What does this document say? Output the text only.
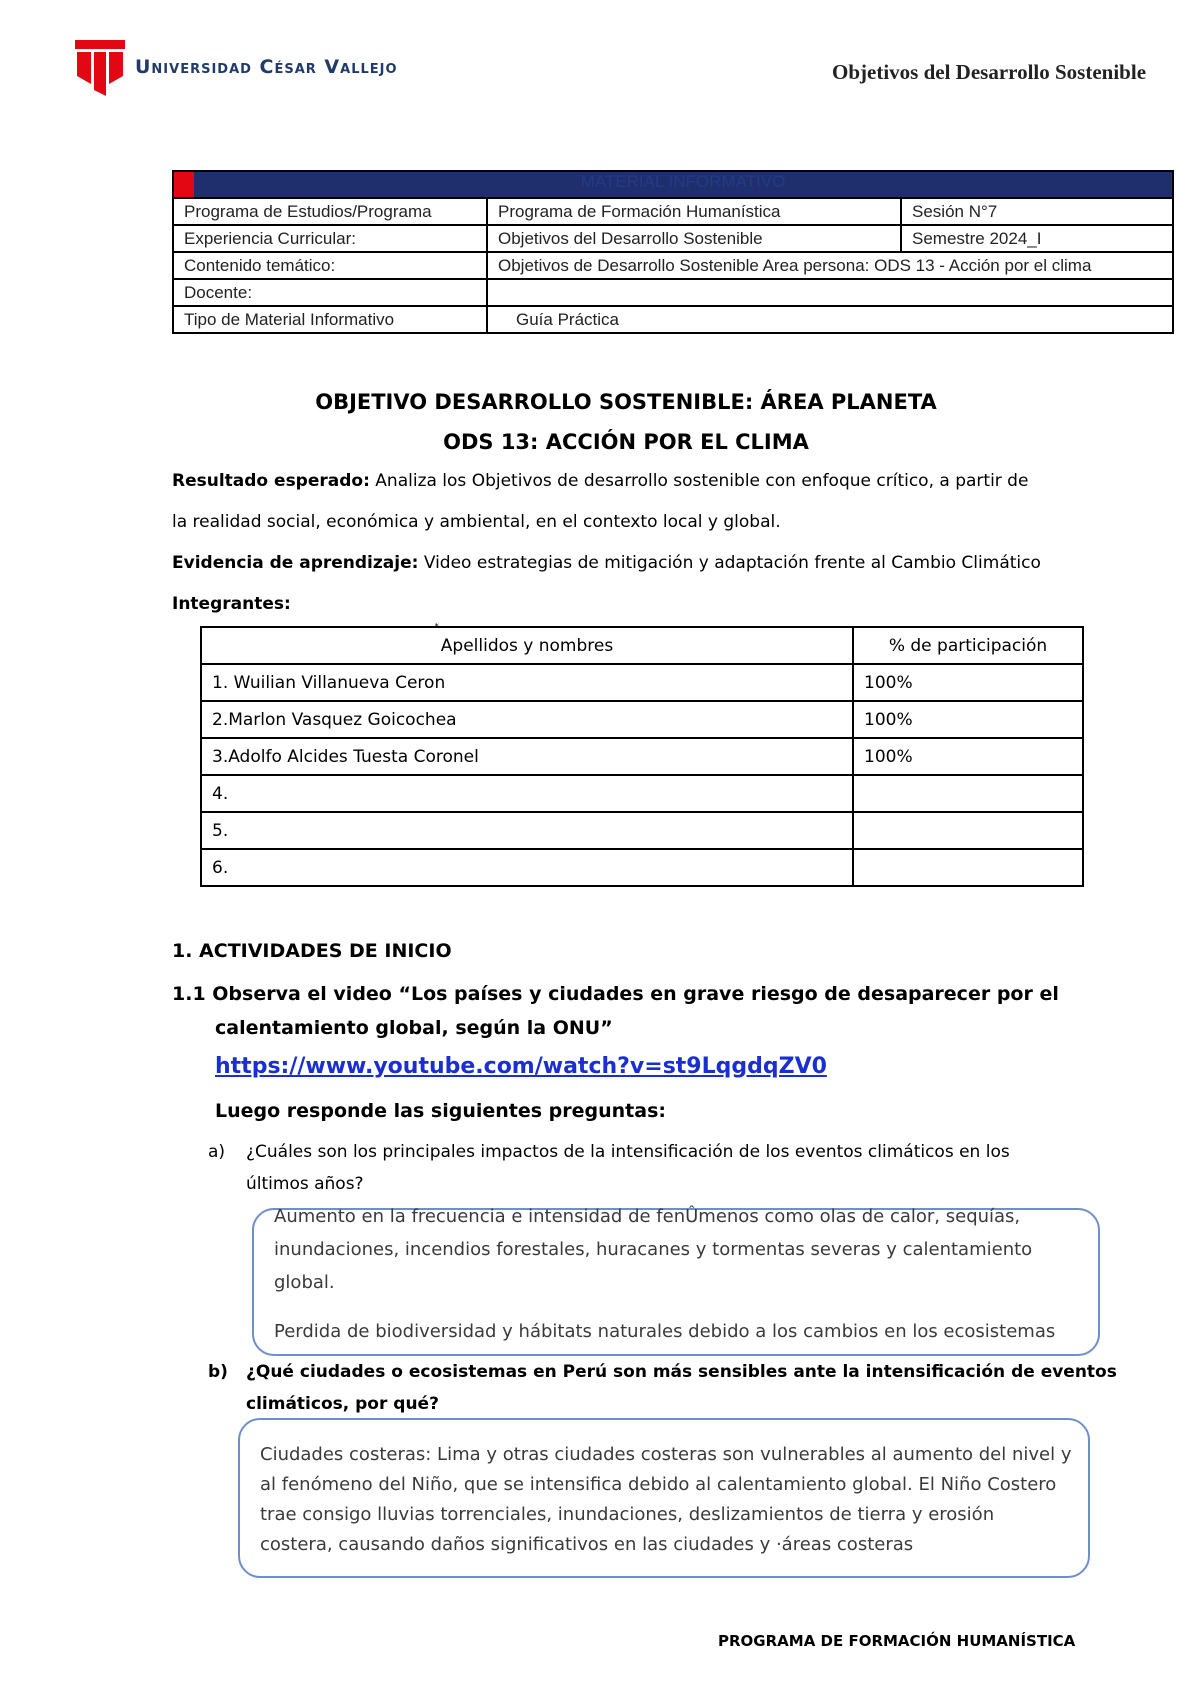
Universidad César Vallejo	Objetivos del Desarrollo Sostenible
MATERIAL INFORMATIVO		
Programa de Estudios/Programa	Programa de Formación Humanística	Sesión N°7
Experiencia Curricular:	Objetivos del Desarrollo Sostenible	Semestre 2024_I
Contenido temático:	Objetivos de Desarrollo Sostenible Area persona: ODS 13 - Acción por el clima	
Docente:		
Tipo de Material Informativo	Guía Práctica	
OBJETIVO DESARROLLO SOSTENIBLE: ÁREA PLANETA
ODS 13: ACCIÓN POR EL CLIMA
Resultado esperado: Analiza los Objetivos de desarrollo sostenible con enfoque crítico, a partir de
la realidad social, económica y ambiental, en el contexto local y global.
Evidencia de aprendizaje: Video estrategias de mitigación y adaptación frente al Cambio Climático
Integrantes:
*
Apellidos y nombres	% de participación
1. Wuilian Villanueva Ceron	100%
2.Marlon Vasquez Goicochea	100%
3.Adolfo Alcides Tuesta Coronel	100%
4.	
5.	
6.	
1. ACTIVIDADES DE INICIO
1.1 Observa el video “Los países y ciudades en grave riesgo de desaparecer por el
calentamiento global, según la ONU”
https://www.youtube.com/watch?v=st9LqgdqZV0
Luego responde las siguientes preguntas:
a) ¿Cuáles son los principales impactos de la intensificación de los eventos climáticos en los
últimos años?

Aumento en la frecuencia e intensidad de fenÛmenos como olas de calor, sequías,

inundaciones, incendios forestales, huracanes y tormentas severas y calentamiento

global.

Perdida de biodiversidad y hábitats naturales debido a los cambios en los ecosistemas

b) ¿Qué ciudades o ecosistemas en Perú son más sensibles ante la intensificación de eventos
climáticos, por qué?

Ciudades costeras: Lima y otras ciudades costeras son vulnerables al aumento del nivel y

al fenómeno del Niño, que se intensifica debido al calentamiento global. El Niño Costero

trae consigo lluvias torrenciales, inundaciones, deslizamientos de tierra y erosión

costera, causando daños significativos en las ciudades y ·áreas costeras

PROGRAMA DE FORMACIÓN HUMANÍSTICA
